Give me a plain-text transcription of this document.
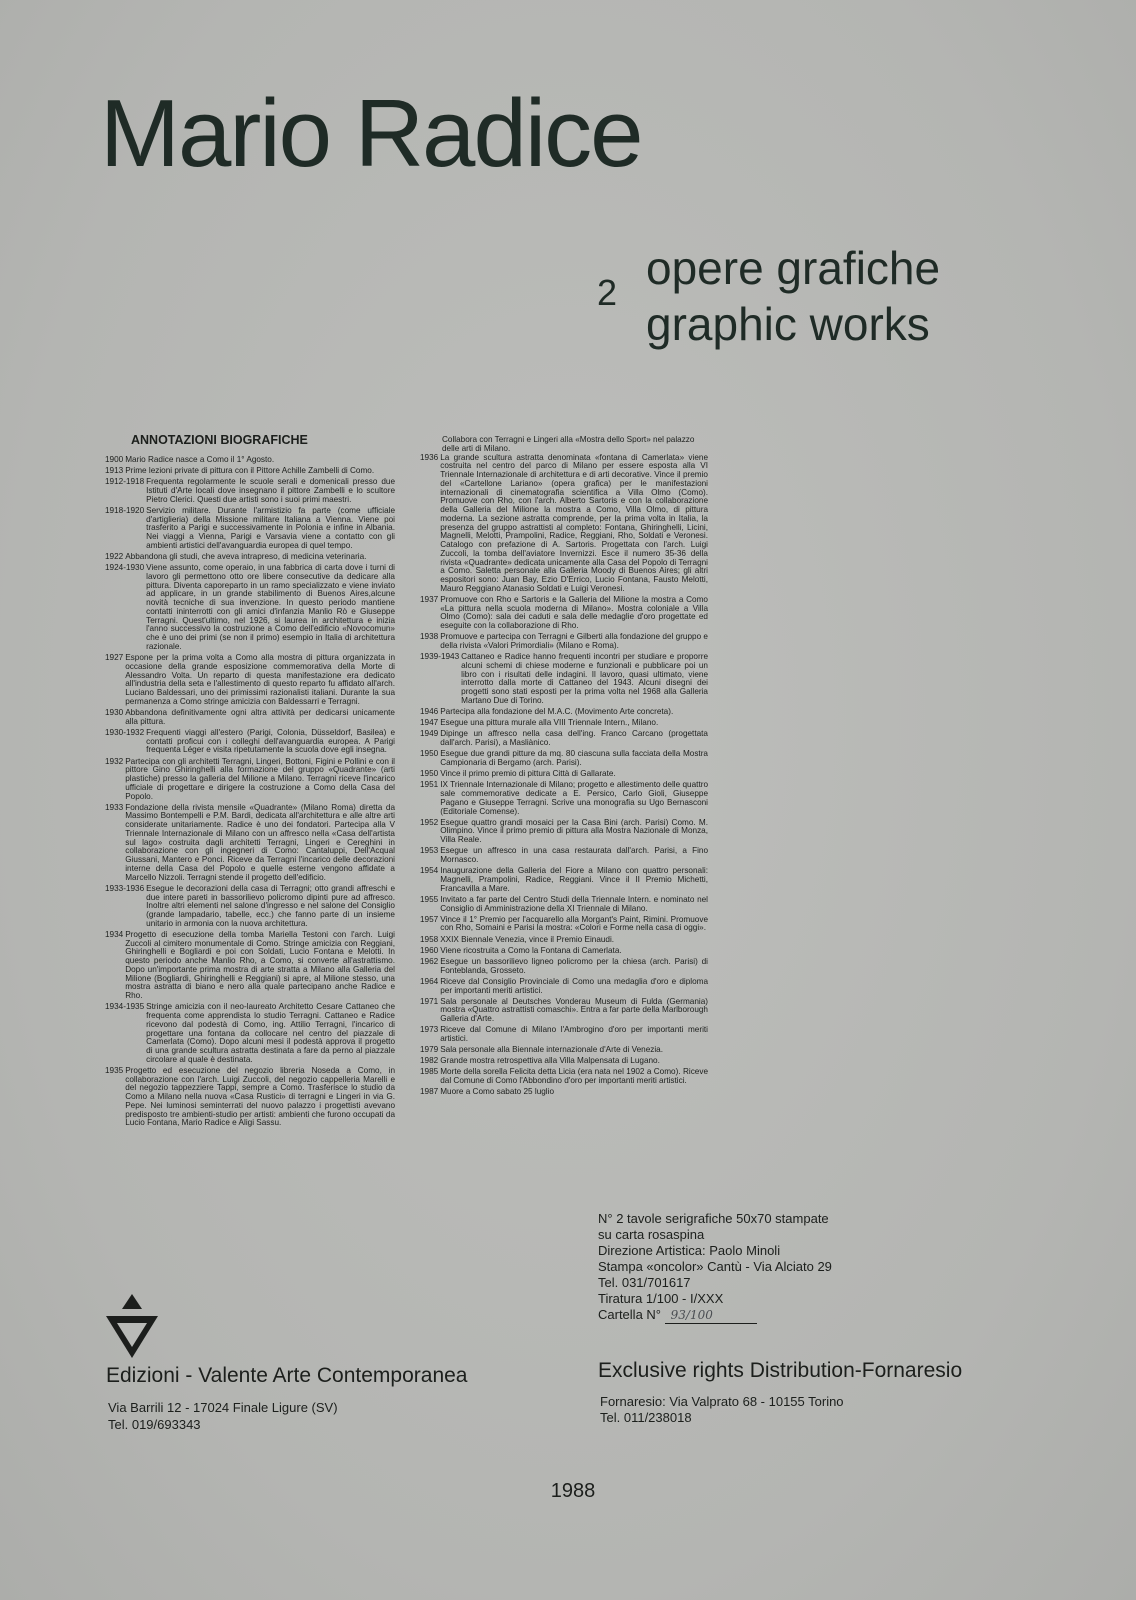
Mario Radice
2 opere grafiche
graphic works
ANNOTAZIONI BIOGRAFICHE
1900 Mario Radice nasce a Como il 1° Agosto.
1913 Prime lezioni private di pittura con il Pittore Achille Zambelli di Como.
1912-1918 Frequenta regolarmente le scuole serali e domenicali presso due Istituti d'Arte locali dove insegnano il pittore Zambelli e lo scultore Pietro Clerici. Questi due artisti sono i suoi primi maestri.
1918-1920 Servizio militare. Durante l'armistizio fa parte (come ufficiale d'artiglieria) della Missione militare Italiana a Vienna. Viene poi trasferito a Parigi e successivamente in Polonia e infine in Albania. Nei viaggi a Vienna, Parigi e Varsavia viene a contatto con gli ambienti artistici dell'avanguardia europea di quel tempo.
1922 Abbandona gli studi, che aveva intrapreso, di medicina veterinaria.
1924-1930 Viene assunto, come operaio, in una fabbrica di carta dove i turni di lavoro gli permettono otto ore libere consecutive da dedicare alla pittura. Diventa caporeparto in un ramo specializzato e viene inviato ad applicare, in un grande stabilimento di Buenos Aires,alcune novità tecniche di sua invenzione. In questo periodo mantiene contatti ininterrotti con gli amici d'infanzia Manlio Rò e Giuseppe Terragni. Quest'ultimo, nel 1926, si laurea in architettura e inizia l'anno successivo la costruzione a Como dell'edificio «Novocomun» che è uno dei primi (se non il primo) esempio in Italia di architettura razionale.
1927 Espone per la prima volta a Como alla mostra di pittura organizzata in occasione della grande esposizione commemorativa della Morte di Alessandro Volta. Un reparto di questa manifestazione era dedicato all'industria della seta e l'allestimento di questo reparto fu affidato all'arch. Luciano Baldessari, uno dei primissimi razionalisti italiani. Durante la sua permanenza a Como stringe amicizia con Baldessarri e Terragni.
1930 Abbandona definitivamente ogni altra attività per dedicarsi unicamente alla pittura.
1930-1932 Frequenti viaggi all'estero (Parigi, Colonia, Düsseldorf, Basilea) e contatti proficui con i colleghi dell'avanguardia europea. A Parigi frequenta Léger e visita ripetutamente la scuola dove egli insegna.
1932 Partecipa con gli architetti Terragni, Lingeri, Bottoni, Figini e Pollini e con il pittore Gino Ghiringhelli alla formazione del gruppo «Quadrante» (arti plastiche) presso la galleria del Milione a Milano. Terragni riceve l'incarico ufficiale di progettare e dirigere la costruzione a Como della Casa del Popolo.
1933 Fondazione della rivista mensile «Quadrante» (Milano Roma) diretta da Massimo Bontempelli e P.M. Bardi, dedicata all'architettura e alle altre arti considerate unitariamente. Radice è uno dei fondatori. Partecipa alla V Triennale Internazionale di Milano con un affresco nella «Casa dell'artista sul lago» costruita dagli architetti Terragni, Lingeri e Cereghini in collaborazione con gli ingegneri di Como: Cantaluppi, Dell'Acqual Giussani, Mantero e Ponci. Riceve da Terragni l'incarico delle decorazioni interne della Casa del Popolo e quelle esterne vengono affidate a Marcello Nizzoli. Terragni stende il progetto dell'edificio.
1933-1936 Esegue le decorazioni della casa di Terragni; otto grandi affreschi e due intere pareti in bassorilievo policromo dipinti pure ad affresco. Inoltre altri elementi nel salone d'ingresso e nel salone del Consiglio (grande lampadario, tabelle, ecc.) che fanno parte di un insieme unitario in armonia con la nuova architettura.
1934 Progetto di esecuzione della tomba Mariella Testoni con l'arch. Luigi Zuccoli al cimitero monumentale di Como. Stringe amicizia con Reggiani, Ghiringhelli e Bogliardi e poi con Soldati, Lucio Fontana e Melotti. In questo periodo anche Manlio Rho, a Como, si converte all'astrattismo. Dopo un'importante prima mostra di arte stratta a Milano alla Galleria del Milione (Bogliardi, Ghiringhelli e Reggiani) si apre, al Milione stesso, una mostra astratta di biano e nero alla quale partecipano anche Radice e Rho.
1934-1935 Stringe amicizia con il neo-laureato Architetto Cesare Cattaneo che frequenta come apprendista lo studio Terragni. Cattaneo e Radice ricevono dal podestà di Como, ing. Attilio Terragni, l'incarico di progettare una fontana da collocare nel centro del piazzale di Camerlata (Como). Dopo alcuni mesi il podestà approva il progetto di una grande scultura astratta destinata a fare da perno al piazzale circolare al quale è destinata.
1935 Progetto ed esecuzione del negozio libreria Noseda a Como, in collaborazione con l'arch. Luigi Zuccoli, del negozio cappelleria Marelli e del negozio tappezziere Tappi, sempre a Como. Trasferisce lo studio da Como a Milano nella nuova «Casa Rustici» di terragni e Lingeri in via G. Pepe. Nei luminosi seminterrati del nuovo palazzo i progettisti avevano predisposto tre ambienti-studio per artisti: ambienti che furono occupati da Lucio Fontana, Mario Radice e Aligi Sassu.
Collabora con Terragni e Lingeri alla «Mostra dello Sport» nel palazzo delle arti di Milano.
1936 La grande scultura astratta denominata «fontana di Camerlata» viene costruita nel centro del parco di Milano per essere esposta alla VI Triennale Internazionale di architettura e di arti decorative. Vince il premio del «Cartellone Lariano» (opera grafica) per le manifestazioni internazionali di cinematografia scientifica a Villa Olmo (Como). Promuove con Rho, con l'arch. Alberto Sartoris e con la collaborazione della Galleria del Milione la mostra a Como, Villa Olmo, di pittura moderna. La sezione astratta comprende, per la prima volta in Italia, la presenza del gruppo astrattisti al completo: Fontana, Ghiringhelli, Licini, Magnelli, Melotti, Prampolini, Radice, Reggiani, Rho, Soldati e Veronesi. Catalogo con prefazione di A. Sartoris. Progettata con l'arch. Luigi Zuccoli, la tomba dell'aviatore Invernizzi. Esce il numero 35-36 della rivista «Quadrante» dedicata unicamente alla Casa del Popolo di Terragni a Como. Saletta personale alla Galleria Moody di Buenos Aires; gli altri espositori sono: Juan Bay, Ezio D'Errico, Lucio Fontana, Fausto Melotti, Mauro Reggiano Atanasio Soldati e Luigi Veronesi.
1937 Promuove con Rho e Sartoris e la Galleria del Milione la mostra a Como «La pittura nella scuola moderna di Milano». Mostra coloniale a Villa Olmo (Como): sala dei caduti e sala delle medaglie d'oro progettate ed eseguite con la collaborazione di Rho.
1938 Promuove e partecipa con Terragni e Gilberti alla fondazione del gruppo e della rivista «Valori Primordiali» (Milano e Roma).
1939-1943 Cattaneo e Radice hanno frequenti incontri per studiare e proporre alcuni schemi di chiese moderne e funzionali e pubblicare poi un libro con i risultati delle indagini. Il lavoro, quasi ultimato, viene interrotto dalla morte di Cattaneo del 1943. Alcuni disegni dei progetti sono stati esposti per la prima volta nel 1968 alla Galleria Martano Due di Torino.
1946 Partecipa alla fondazione del M.A.C. (Movimento Arte concreta).
1947 Esegue una pittura murale alla VIII Triennale Intern., Milano.
1949 Dipinge un affresco nella casa dell'ing. Franco Carcano (progettata dall'arch. Parisi), a Masliànico.
1950 Esegue due grandi pitture da mq. 80 ciascuna sulla facciata della Mostra Campionaria di Bergamo (arch. Parisi).
1950 Vince il primo premio di pittura Città di Gallarate.
1951 IX Triennale Internazionale di Milano; progetto e allestimento delle quattro sale commemorative dedicate a E. Persico, Carlo Gioli, Giuseppe Pagano e Giuseppe Terragni. Scrive una monografia su Ugo Bernasconi (Editoriale Comense).
1952 Esegue quattro grandi mosaici per la Casa Bini (arch. Parisi) Como. M. Olimpino. Vince il primo premio di pittura alla Mostra Nazionale di Monza, Villa Reale.
1953 Esegue un affresco in una casa restaurata dall'arch. Parisi, a Fino Mornasco.
1954 Inaugurazione della Galleria del Fiore a Milano con quattro personali: Magnelli, Prampolini, Radice, Reggiani. Vince il II Premio Michetti, Francavilla a Mare.
1955 Invitato a far parte del Centro Studi della Triennale Intern. e nominato nel Consiglio di Amministrazione della XI Triennale di Milano.
1957 Vince il 1° Premio per l'acquarello alla Morgant's Paint, Rimini. Promuove con Rho, Somaini e Parisi la mostra: «Colori e Forme nella casa di oggi».
1958 XXIX Biennale Venezia, vince il Premio Einaudi.
1960 Viene ricostruita a Como la Fontana di Camerlata.
1962 Esegue un bassorilievo ligneo policromo per la chiesa (arch. Parisi) di Fonteblanda, Grosseto.
1964 Riceve dal Consiglio Provinciale di Como una medaglia d'oro e diploma per importanti meriti artistici.
1971 Sala personale al Deutsches Vonderau Museum di Fulda (Germania) mostra «Quattro astrattisti comaschi». Entra a far parte della Marlborough Galleria d'Arte.
1973 Riceve dal Comune di Milano l'Ambrogino d'oro per importanti meriti artistici.
1979 Sala personale alla Biennale internazionale d'Arte di Venezia.
1982 Grande mostra retrospettiva alla Villa Malpensata di Lugano.
1985 Morte della sorella Felicita detta Licia (era nata nel 1902 a Como). Riceve dal Comune di Como l'Abbondino d'oro per importanti meriti artistici.
1987 Muore a Como sabato 25 luglio
N° 2 tavole serigrafiche 50x70 stampate
su carta rosaspina
Direzione Artistica: Paolo Minoli
Stampa «oncolor» Cantù - Via Alciato 29
Tel. 031/701617
Tiratura 1/100 - I/XXX
Cartella N° 93/100
Edizioni - Valente Arte Contemporanea
Via Barrili 12 - 17024 Finale Ligure (SV)
Tel. 019/693343
Exclusive rights Distribution-Fornaresio
Fornaresio: Via Valprato 68 - 10155 Torino
Tel. 011/238018
1988
